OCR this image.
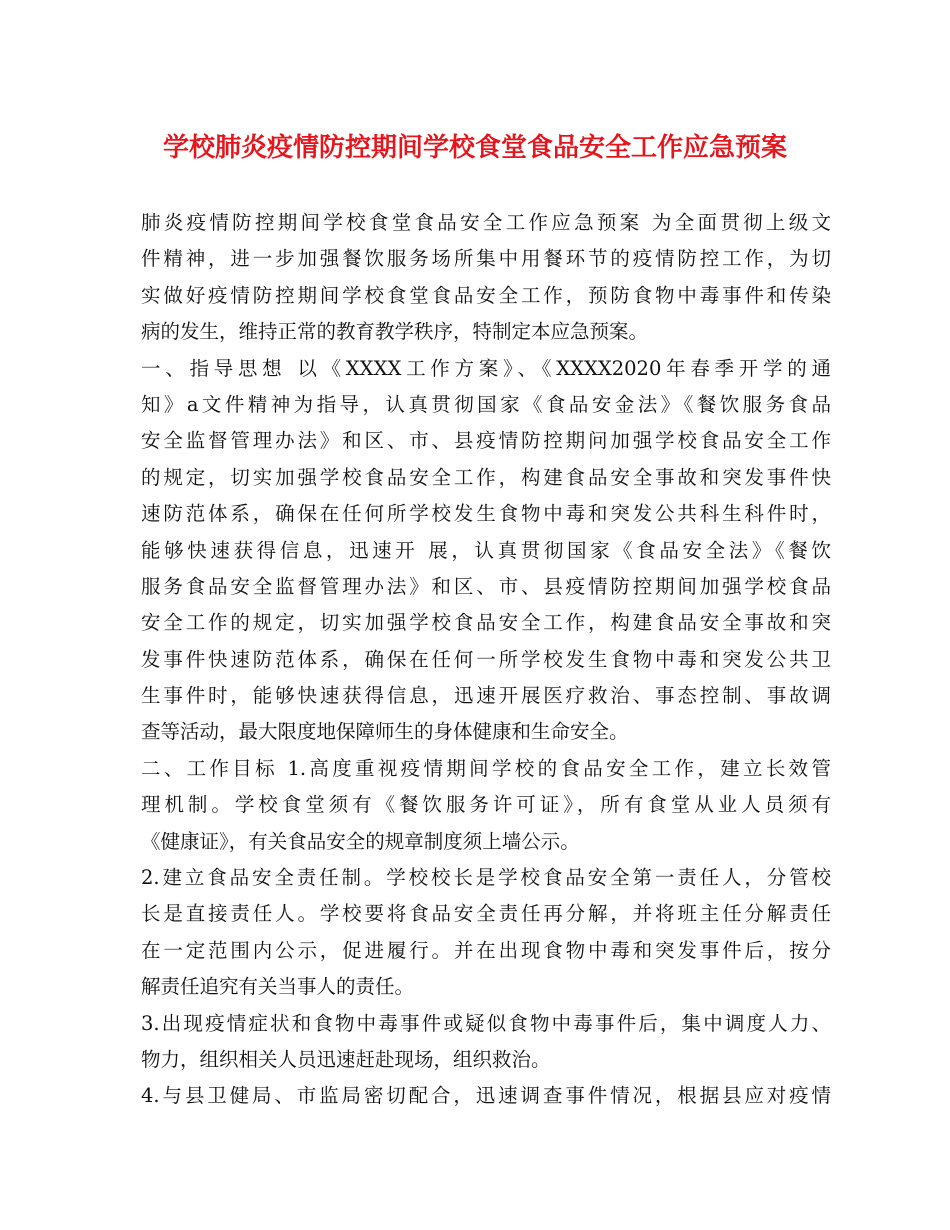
学校肺炎疫情防控期间学校食堂食品安全工作应急预案
肺炎疫情防控期间学校食堂食品安全工作应急预案 为全面贯彻上级文
件精神，进一步加强餐饮服务场所集中用餐环节的疫情防控工作，为切
实做好疫情防控期间学校食堂食品安全工作，预防食物中毒事件和传染
病的发生，维持正常的教育教学秩序，特制定本应急预案。
一、指导思想 以《XXXX工作方案》、《XXXX2020年春季开学的通
知》a文件精神为指导，认真贯彻国家《食品安金法》《餐饮服务食品
安全监督管理办法》和区、市、县疫情防控期问加强学校食品安全工作
的规定，切实加强学校食品安全工作，构建食品安全事故和突发事件快
速防范体系，确保在任何所学校发生食物中毒和突发公共科生科件时，
能够快速获得信息，迅速开 展，认真贯彻国家《食品安全法》《餐饮
服务食品安全监督管理办法》和区、市、县疫情防控期间加强学校食品
安全工作的规定，切实加强学校食品安全工作，构建食品安全事故和突
发事件快速防范体系，确保在任何一所学校发生食物中毒和突发公共卫
生事件时，能够快速获得信息，迅速开展医疗救治、事态控制、事故调
查等活动，最大限度地保障师生的身体健康和生命安全。
二、工作目标 1.高度重视疫情期间学校的食品安全工作，建立长效管
理机制。学校食堂须有《餐饮服务许可证》，所有食堂从业人员须有
《健康证》，有关食品安全的规章制度须上墙公示。
2.建立食品安全责任制。学校校长是学校食品安全第一责任人，分管校
长是直接责任人。学校要将食品安全责任再分解，并将班主任分解责任
在一定范围内公示，促进履行。并在出现食物中毒和突发事件后，按分
解责任追究有关当事人的责任。
3.出现疫情症状和食物中毒事件或疑似食物中毒事件后，集中调度人力、
物力，组织相关人员迅速赶赴现场，组织救治。
4.与县卫健局、市监局密切配合，迅速调查事件情况，根据县应对疫情
